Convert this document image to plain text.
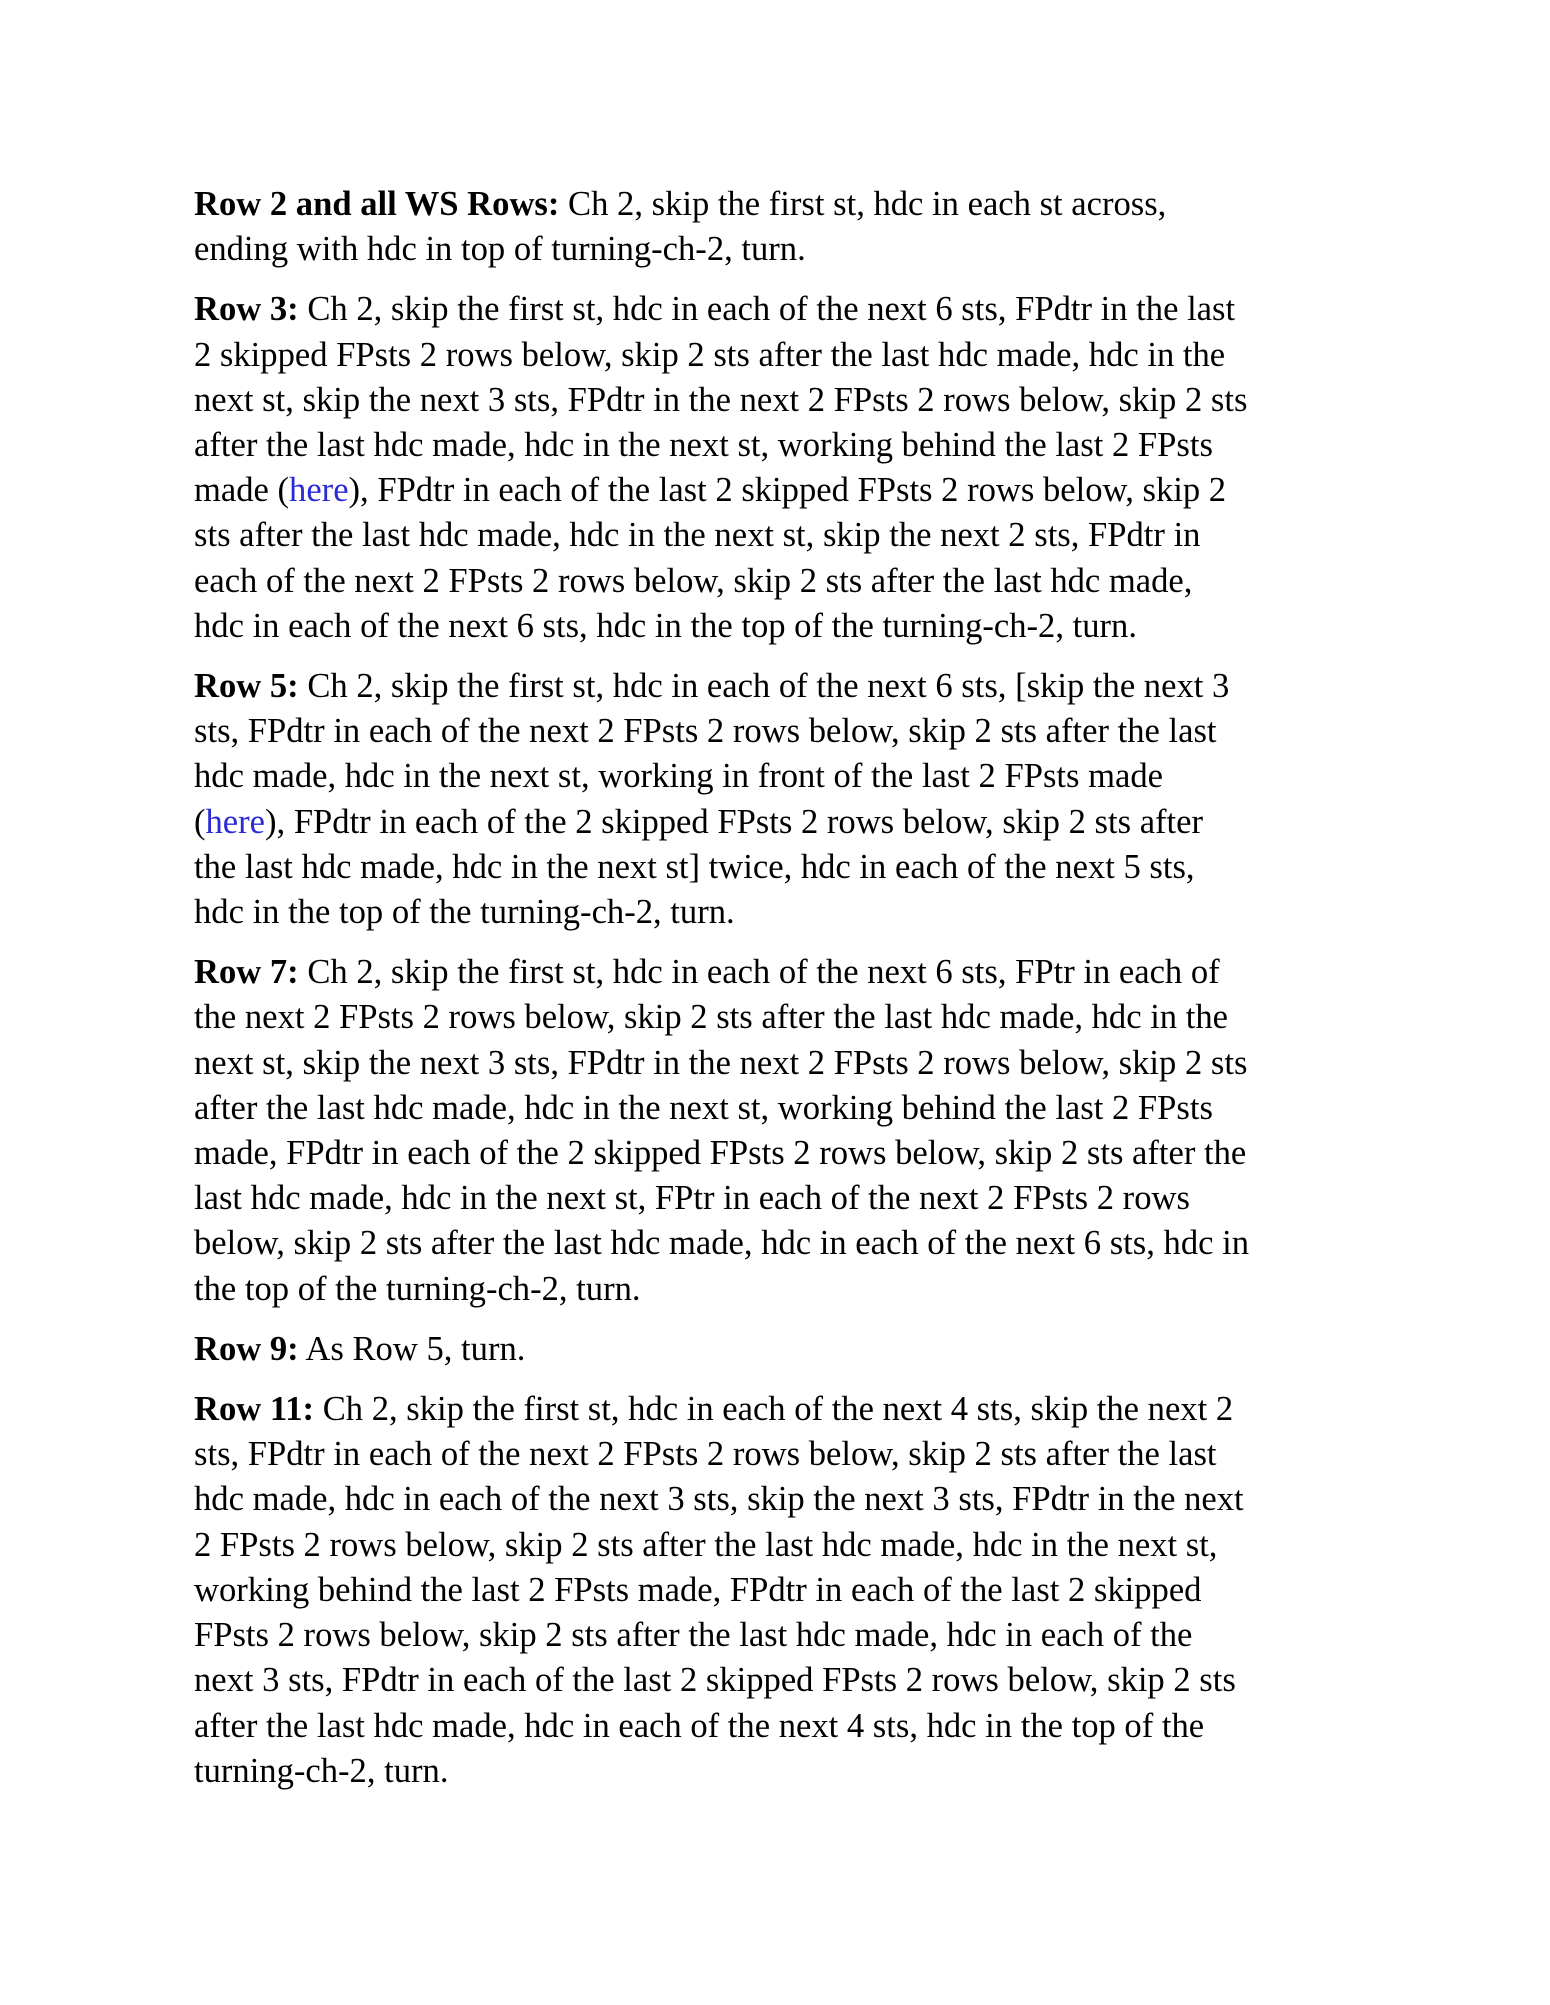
Row 2 and all WS Rows: Ch 2, skip the first st, hdc in each st across,
ending with hdc in top of turning-ch-2, turn.

Row 3: Ch 2, skip the first st, hdc in each of the next 6 sts, FPdtr in the last
2 skipped FPsts 2 rows below, skip 2 sts after the last hdc made, hdc in the
next st, skip the next 3 sts, FPdtr in the next 2 FPsts 2 rows below, skip 2 sts
after the last hdc made, hdc in the next st, working behind the last 2 FPsts
made (here), FPdtr in each of the last 2 skipped FPsts 2 rows below, skip 2
sts after the last hdc made, hdc in the next st, skip the next 2 sts, FPdtr in
each of the next 2 FPsts 2 rows below, skip 2 sts after the last hdc made,
hdc in each of the next 6 sts, hdc in the top of the turning-ch-2, turn.

Row 5: Ch 2, skip the first st, hdc in each of the next 6 sts, [skip the next 3
sts, FPdtr in each of the next 2 FPsts 2 rows below, skip 2 sts after the last
hdc made, hdc in the next st, working in front of the last 2 FPsts made
(here), FPdtr in each of the 2 skipped FPsts 2 rows below, skip 2 sts after
the last hdc made, hdc in the next st] twice, hdc in each of the next 5 sts,
hdc in the top of the turning-ch-2, turn.

Row 7: Ch 2, skip the first st, hdc in each of the next 6 sts, FPtr in each of
the next 2 FPsts 2 rows below, skip 2 sts after the last hdc made, hdc in the
next st, skip the next 3 sts, FPdtr in the next 2 FPsts 2 rows below, skip 2 sts
after the last hdc made, hdc in the next st, working behind the last 2 FPsts
made, FPdtr in each of the 2 skipped FPsts 2 rows below, skip 2 sts after the
last hdc made, hdc in the next st, FPtr in each of the next 2 FPsts 2 rows
below, skip 2 sts after the last hdc made, hdc in each of the next 6 sts, hdc in
the top of the turning-ch-2, turn.

Row 9: As Row 5, turn.

Row 11: Ch 2, skip the first st, hdc in each of the next 4 sts, skip the next 2
sts, FPdtr in each of the next 2 FPsts 2 rows below, skip 2 sts after the last
hdc made, hdc in each of the next 3 sts, skip the next 3 sts, FPdtr in the next
2 FPsts 2 rows below, skip 2 sts after the last hdc made, hdc in the next st,
working behind the last 2 FPsts made, FPdtr in each of the last 2 skipped
FPsts 2 rows below, skip 2 sts after the last hdc made, hdc in each of the
next 3 sts, FPdtr in each of the last 2 skipped FPsts 2 rows below, skip 2 sts
after the last hdc made, hdc in each of the next 4 sts, hdc in the top of the
turning-ch-2, turn.
